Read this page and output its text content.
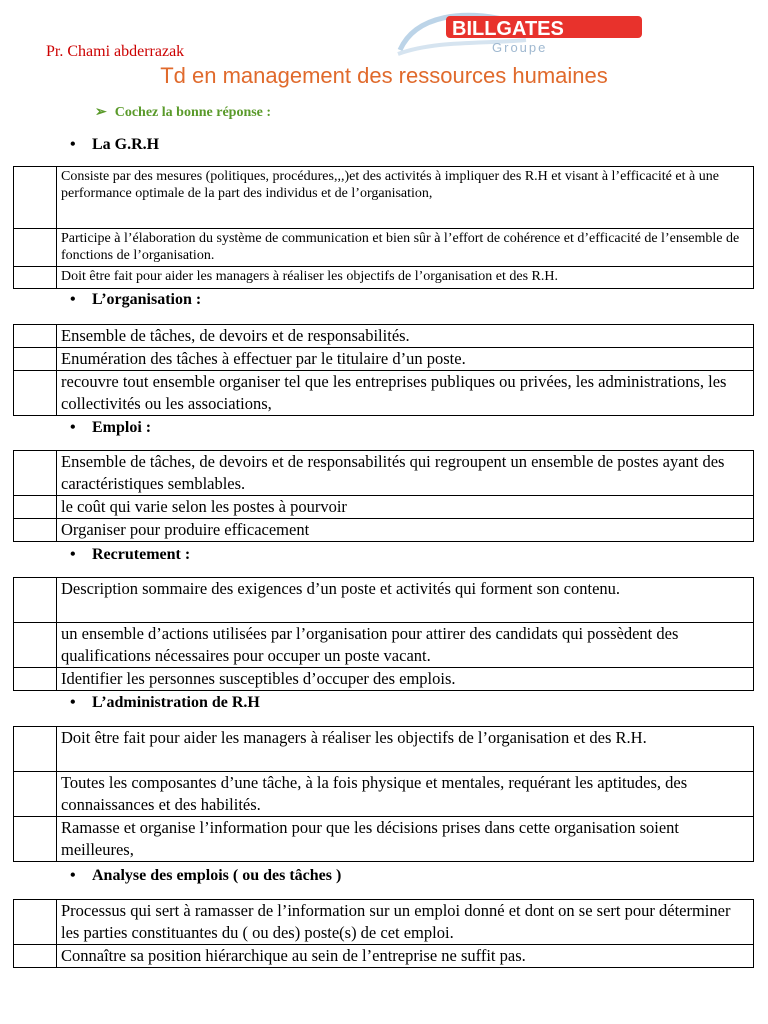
BILLGATES
Groupe
Pr. Chami abderrazak
Td en management des ressources humaines
➢ Cochez la bonne réponse :
• La G.R.H
	Consiste par des mesures (politiques, procédures,,,)et des activités à impliquer des R.H et visant à l’efficacité et à une performance optimale de la part des individus et de l’organisation,
	Participe à l’élaboration du système de communication et bien sûr à l’effort de cohérence et d’efficacité de l’ensemble de fonctions de l’organisation.
	Doit être fait pour aider les managers à réaliser les objectifs de l’organisation et des R.H.
• L’organisation :
	Ensemble de tâches, de devoirs et de responsabilités.
	Enumération des tâches à effectuer par le titulaire d’un poste.
	recouvre tout ensemble organiser tel que les entreprises publiques ou privées, les administrations, les collectivités ou les associations,
• Emploi :
	Ensemble de tâches, de devoirs et de responsabilités qui regroupent un ensemble de postes ayant des caractéristiques semblables.
	le coût qui varie selon les postes à pourvoir
	Organiser pour produire efficacement
• Recrutement :
	Description sommaire des exigences d’un poste et activités qui forment son contenu.
	un ensemble d’actions utilisées par l’organisation pour attirer des candidats qui possèdent des qualifications nécessaires pour occuper un poste vacant.
	Identifier les personnes susceptibles d’occuper des emplois.
• L’administration de R.H
	Doit être fait pour aider les managers à réaliser les objectifs de l’organisation et des R.H.
	Toutes les composantes d’une tâche, à la fois physique et mentales, requérant les aptitudes, des connaissances et des habilités.
	Ramasse et organise l’information pour que les décisions prises dans cette organisation soient meilleures,
• Analyse des emplois ( ou des tâches )
	Processus qui sert à ramasser de l’information sur un emploi donné et dont on se sert pour déterminer les parties constituantes du ( ou des) poste(s) de cet emploi.
	Connaître sa position hiérarchique au sein de l’entreprise ne suffit pas.
